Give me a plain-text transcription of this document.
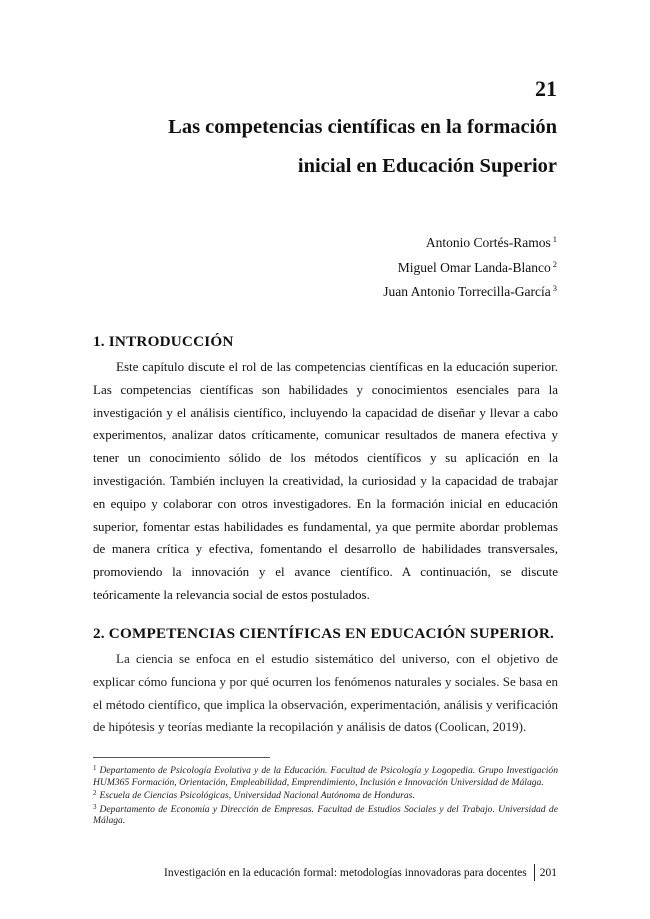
21
Las competencias científicas en la formación
inicial en Educación Superior
Antonio Cortés-Ramos $^1$
Miguel Omar Landa-Blanco $^2$
Juan Antonio Torrecilla-García $^3$
1. INTRODUCCIÓN

Este capítulo discute el rol de las competencias científicas en la educación superior. Las competencias científicas son habilidades y conocimientos esenciales para la investigación y el análisis científico, incluyendo la capacidad de diseñar y llevar a cabo experimentos, analizar datos críticamente, comunicar resultados de manera efectiva y tener un conocimiento sólido de los métodos científicos y su aplicación en la investigación. También incluyen la creatividad, la curiosidad y la capacidad de trabajar en equipo y colaborar con otros investigadores. En la formación inicial en educación superior, fomentar estas habilidades es fundamental, ya que permite abordar problemas de manera crítica y efectiva, fomentando el desarrollo de habilidades transversales, promoviendo la innovación y el avance científico. A continuación, se discute teóricamente la relevancia social de estos postulados.

2. COMPETENCIAS CIENTÍFICAS EN EDUCACIÓN SUPERIOR.

La ciencia se enfoca en el estudio sistemático del universo, con el objetivo de explicar cómo funciona y por qué ocurren los fenómenos naturales y sociales. Se basa en el método científico, que implica la observación, experimentación, análisis y verificación de hipótesis y teorías mediante la recopilación y análisis de datos (Coolican, 2019).

$^1$ Departamento de Psicología Evolutiva y de la Educación. Facultad de Psicología y Logopedia. Grupo Investigación HUM365 Formación, Orientación, Empleabilidad, Emprendimiento, Inclusión e Innovación Universidad de Málaga.

$^2$ Escuela de Ciencias Psicológicas, Universidad Nacional Autónoma de Honduras.

$^3$ Departamento de Economía y Dirección de Empresas. Facultad de Estudios Sociales y del Trabajo. Universidad de Málaga.

Investigación en la educación formal: metodologías innovadoras para docentes 201
